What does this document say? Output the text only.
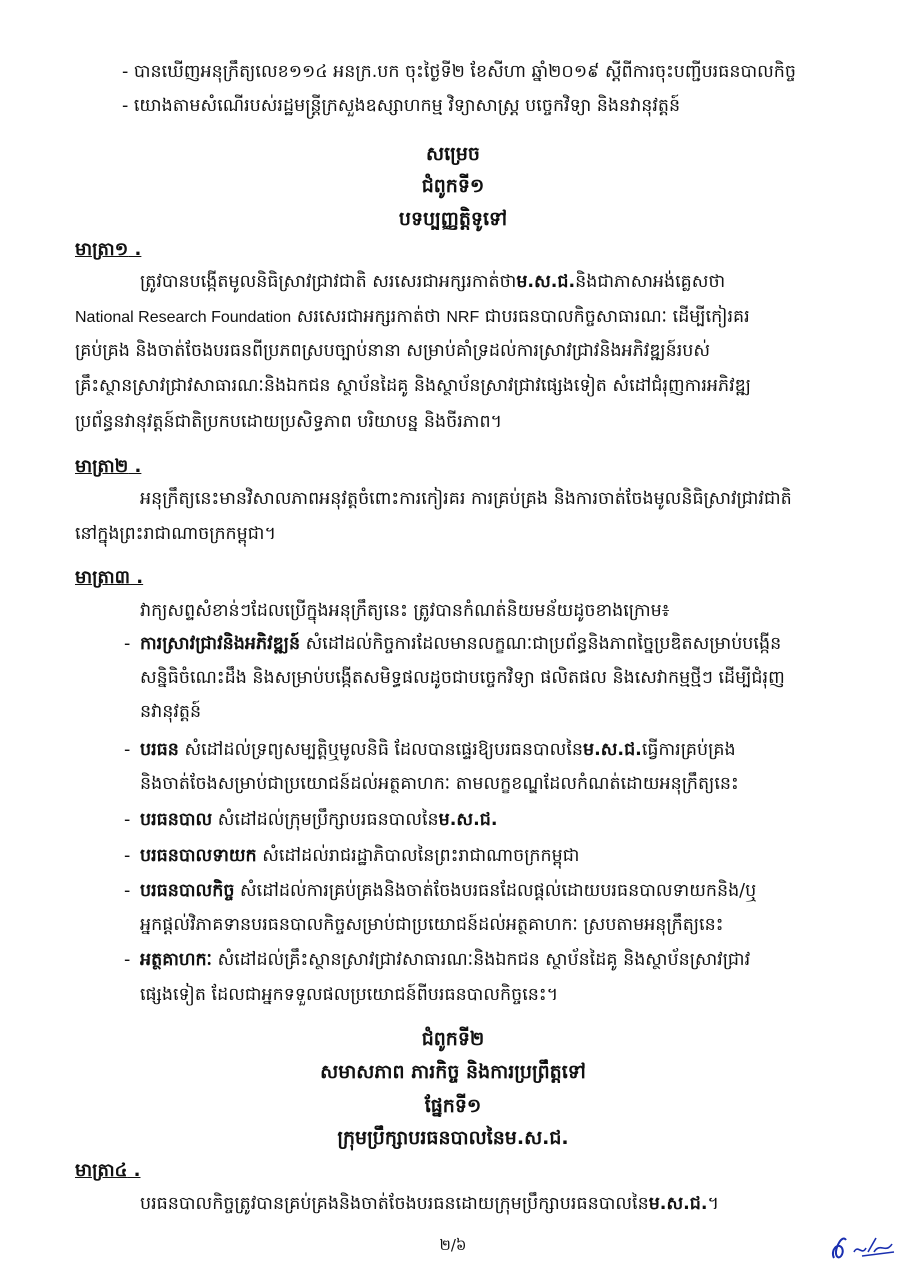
- បានឃើញអនុក្រឹត្យលេខ១១៤ អនក្រ.បក ចុះថ្ងៃទី២ ខែសីហា ឆ្នាំ២០១៩ ស្តីពីការចុះបញ្ជីបរធនបាលកិច្ច
- យោងតាមសំណើរបស់រដ្ឋមន្ត្រីក្រសួងឧស្សាហកម្ម វិទ្យាសាស្ត្រ បច្ចេកវិទ្យា និងនវានុវត្តន៍
សម្រេច
ជំពូកទី១
បទប្បញ្ញត្តិទូទៅ
មាត្រា១ .
ត្រូវបានបង្កើតមូលនិធិស្រាវជ្រាវជាតិ សរសេរជាអក្សរកាត់ថាម.ស.ជ.និងជាភាសាអង់គ្លេសថា
National Research Foundation សរសេរជាអក្សរកាត់ថា NRF ជាបរធនបាលកិច្ចសាធារណៈ ដើម្បីកៀរគរ
គ្រប់គ្រង និងចាត់ចែងបរធនពីប្រភពស្របច្បាប់នានា សម្រាប់គាំទ្រដល់ការស្រាវជ្រាវនិងអភិវឌ្ឍន៍របស់
គ្រឹះស្ថានស្រាវជ្រាវសាធារណៈនិងឯកជន ស្ថាប័នដៃគូ និងស្ថាប័នស្រាវជ្រាវផ្សេងទៀត សំដៅជំរុញការអភិវឌ្ឍ
ប្រព័ន្ធនវានុវត្តន៍ជាតិប្រកបដោយប្រសិទ្ធភាព បរិយាបន្ន និងចីរភាព។
មាត្រា២ .
អនុក្រឹត្យនេះមានវិសាលភាពអនុវត្តចំពោះការកៀរគរ ការគ្រប់គ្រង និងការចាត់ចែងមូលនិធិស្រាវជ្រាវជាតិ
នៅក្នុងព្រះរាជាណាចក្រកម្ពុជា។
មាត្រា៣ .
វាក្យសព្ទសំខាន់ៗដែលប្រើក្នុងអនុក្រឹត្យនេះ ត្រូវបានកំណត់និយមន័យដូចខាងក្រោម៖
- ការស្រាវជ្រាវនិងអភិវឌ្ឍន៍ សំដៅដល់កិច្ចការដែលមានលក្ខណៈជាប្រព័ន្ធនិងភាពច្នៃប្រឌិតសម្រាប់បង្កើន
សន្និធិចំណេះដឹង និងសម្រាប់បង្កើតសមិទ្ធផលដូចជាបច្ចេកវិទ្យា ផលិតផល និងសេវាកម្មថ្មីៗ ដើម្បីជំរុញ
នវានុវត្តន៍
- បរធន សំដៅដល់ទ្រព្យសម្បត្តិឬមូលនិធិ ដែលបានផ្ទេរឱ្យបរធនបាលនៃម.ស.ជ.ធ្វើការគ្រប់គ្រង
និងចាត់ចែងសម្រាប់ជាប្រយោជន៍ដល់អត្ថគាហកៈ តាមលក្ខខណ្ឌដែលកំណត់ដោយអនុក្រឹត្យនេះ
- បរធនបាល សំដៅដល់ក្រុមប្រឹក្សាបរធនបាលនៃម.ស.ជ.
- បរធនបាលទាយក សំដៅដល់រាជរដ្ឋាភិបាលនៃព្រះរាជាណាចក្រកម្ពុជា
- បរធនបាលកិច្ច សំដៅដល់ការគ្រប់គ្រងនិងចាត់ចែងបរធនដែលផ្តល់ដោយបរធនបាលទាយកនិង/ឬ
អ្នកផ្តល់វិភាគទានបរធនបាលកិច្ចសម្រាប់ជាប្រយោជន៍ដល់អត្ថគាហកៈ ស្របតាមអនុក្រឹត្យនេះ
- អត្ថគាហកៈ សំដៅដល់គ្រឹះស្ថានស្រាវជ្រាវសាធារណៈនិងឯកជន ស្ថាប័នដៃគូ និងស្ថាប័នស្រាវជ្រាវ
ផ្សេងទៀត ដែលជាអ្នកទទួលផលប្រយោជន៍ពីបរធនបាលកិច្ចនេះ។
ជំពូកទី២
សមាសភាព ភារកិច្ច និងការប្រព្រឹត្តទៅ
ផ្នែកទី១
ក្រុមប្រឹក្សាបរធនបាលនៃម.ស.ជ.
មាត្រា៤ .
បរធនបាលកិច្ចត្រូវបានគ្រប់គ្រងនិងចាត់ចែងបរធនដោយក្រុមប្រឹក្សាបរធនបាលនៃម.ស.ជ.។
២/៦
